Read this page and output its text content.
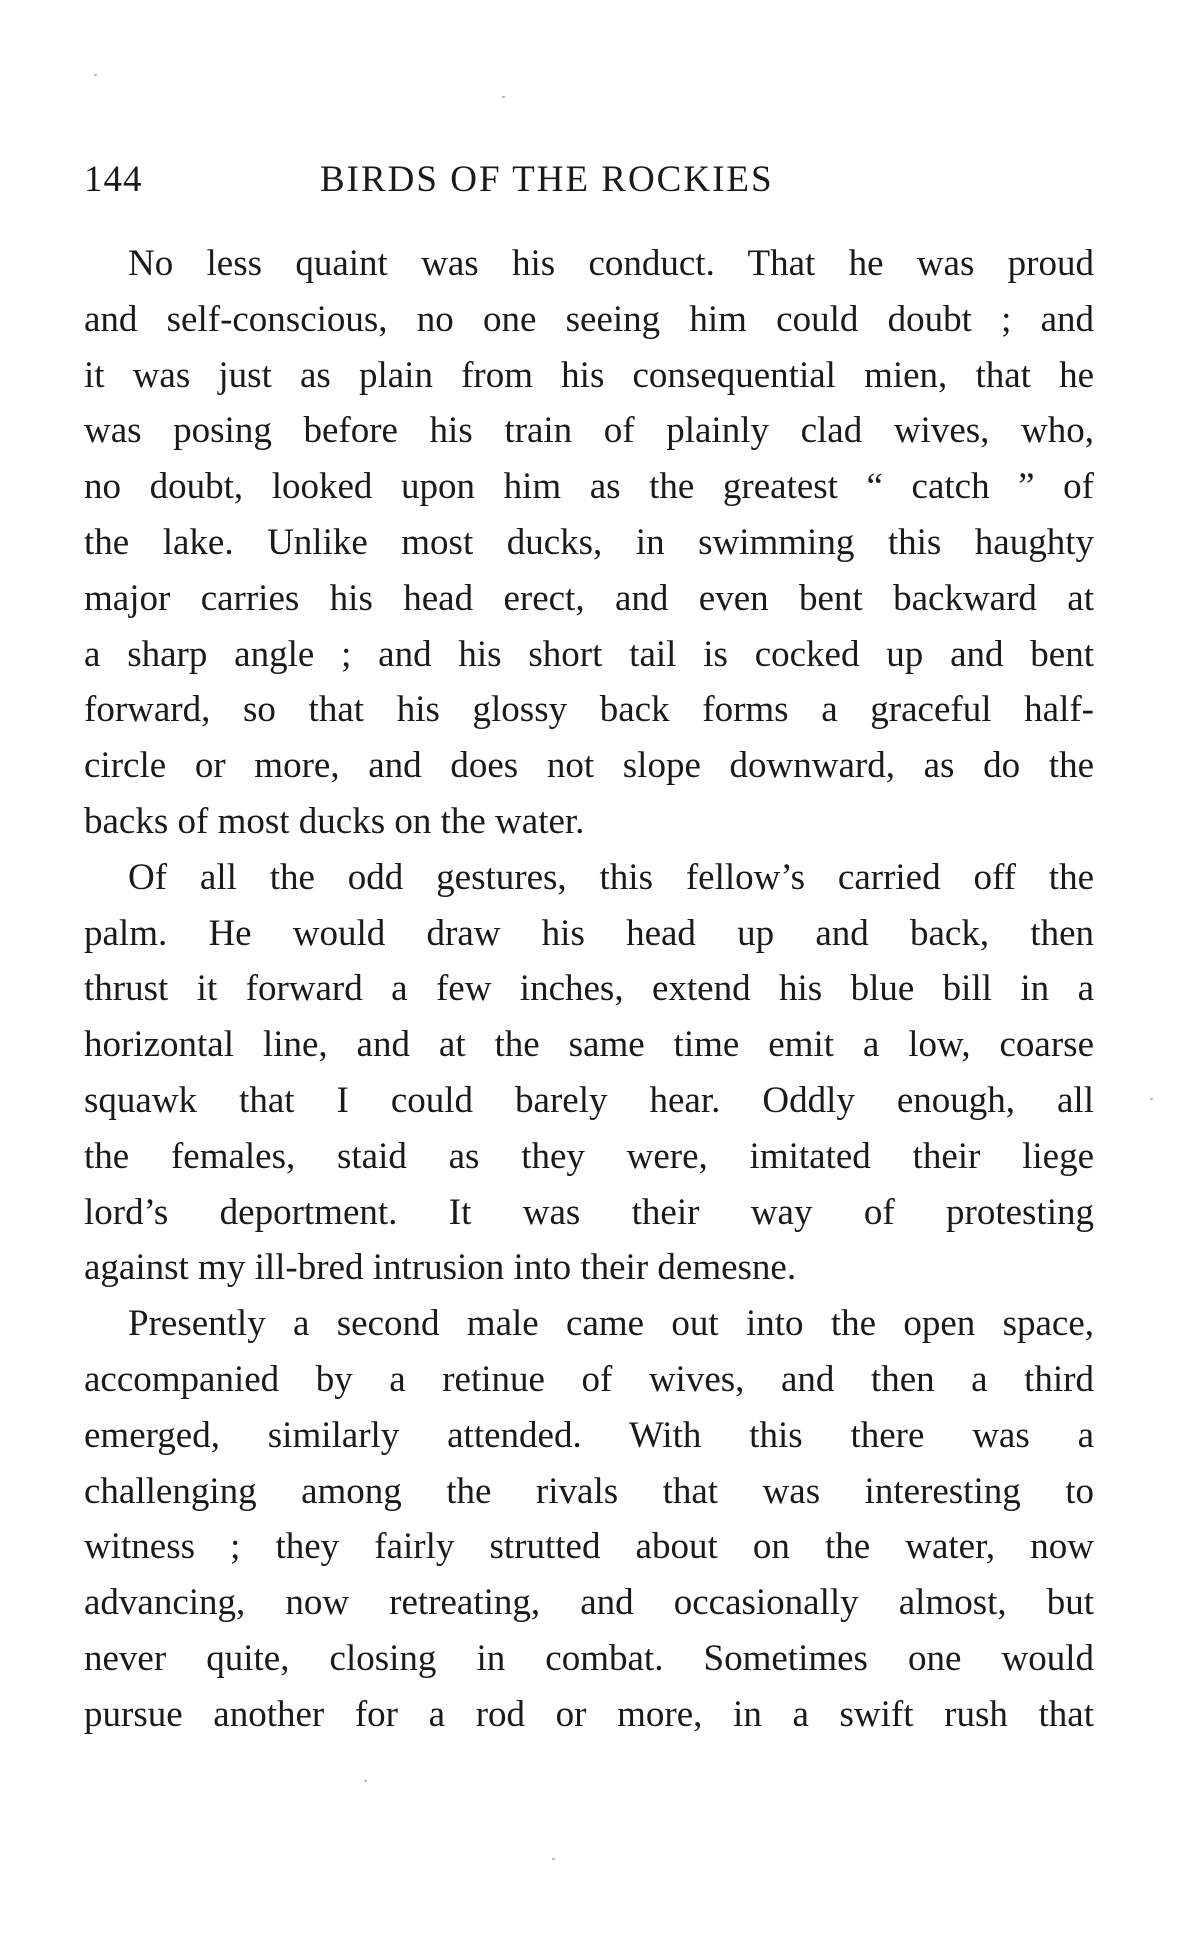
144	BIRDS OF THE ROCKIES
No less quaint was his conduct. That he was proud
and self-conscious, no one seeing him could doubt ; and
it was just as plain from his consequential mien, that he
was posing before his train of plainly clad wives, who,
no doubt, looked upon him as the greatest “ catch ” of
the lake. Unlike most ducks, in swimming this haughty
major carries his head erect, and even bent backward at
a sharp angle ; and his short tail is cocked up and bent
forward, so that his glossy back forms a graceful half-
circle or more, and does not slope downward, as do the
backs of most ducks on the water.
Of all the odd gestures, this fellow’s carried off the
palm. He would draw his head up and back, then
thrust it forward a few inches, extend his blue bill in a
horizontal line, and at the same time emit a low, coarse
squawk that I could barely hear. Oddly enough, all
the females, staid as they were, imitated their liege
lord’s deportment. It was their way of protesting
against my ill-bred intrusion into their demesne.
Presently a second male came out into the open space,
accompanied by a retinue of wives, and then a third
emerged, similarly attended. With this there was a
challenging among the rivals that was interesting to
witness ; they fairly strutted about on the water, now
advancing, now retreating, and occasionally almost, but
never quite, closing in combat. Sometimes one would
pursue another for a rod or more, in a swift rush that
